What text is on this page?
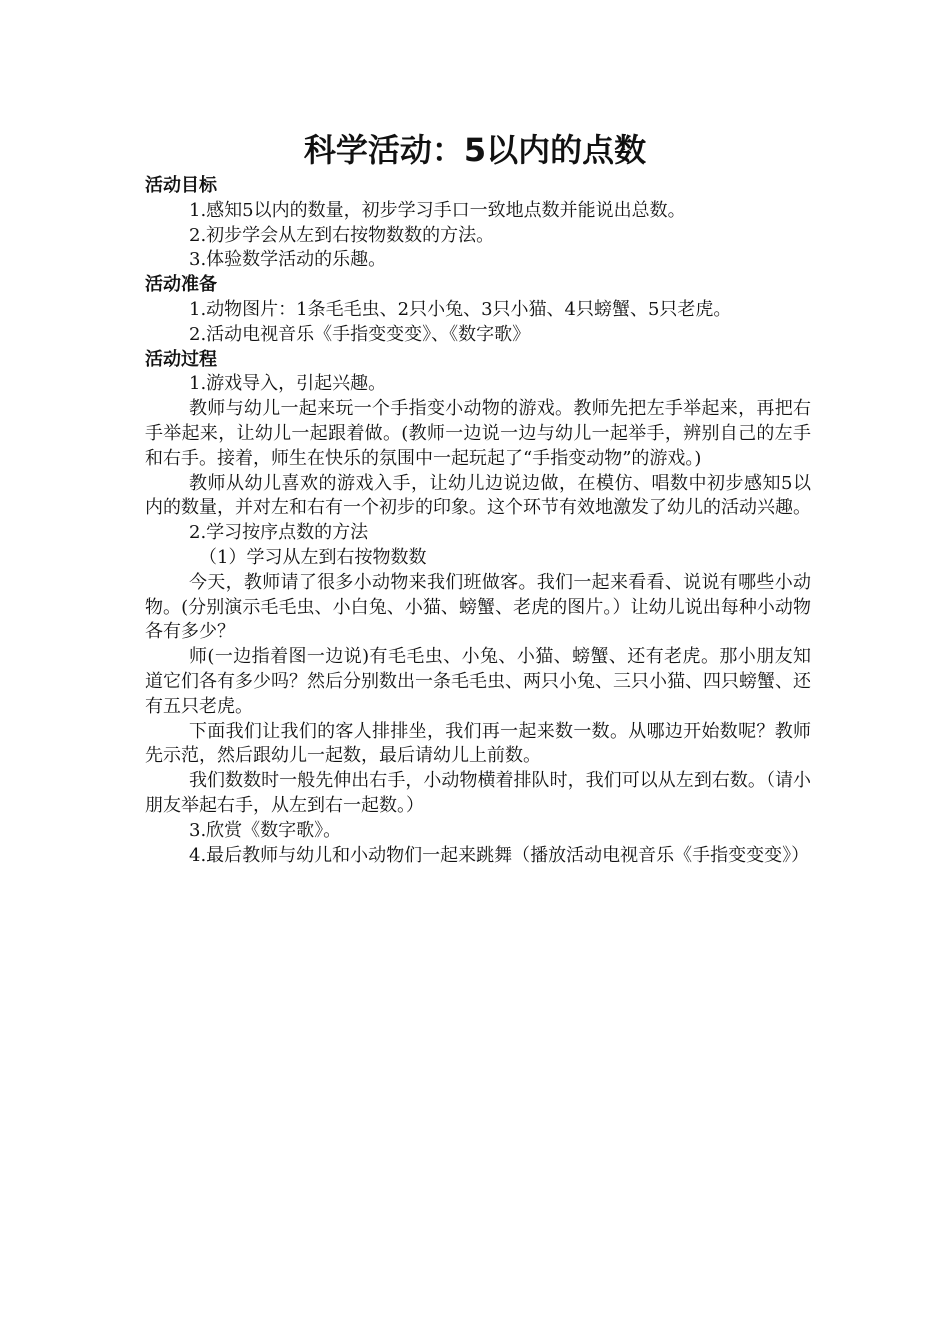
科学活动：5以内的点数

活动目标

1.感知5以内的数量，初步学习手口一致地点数并能说出总数。

2.初步学会从左到右按物数数的方法。

3.体验数学活动的乐趣。

活动准备

1.动物图片：1条毛毛虫、2只小兔、3只小猫、4只螃蟹、5只老虎。

2.活动电视音乐《手指变变变》、《数字歌》

活动过程

1.游戏导入，引起兴趣。

教师与幼儿一起来玩一个手指变小动物的游戏。教师先把左手举起来，再把右手举起来，让幼儿一起跟着做。(教师一边说一边与幼儿一起举手，辨别自己的左手和右手。接着，师生在快乐的氛围中一起玩起了“手指变动物”的游戏。)

教师从幼儿喜欢的游戏入手，让幼儿边说边做，在模仿、唱数中初步感知5以内的数量，并对左和右有一个初步的印象。这个环节有效地激发了幼儿的活动兴趣。

2.学习按序点数的方法

（1）学习从左到右按物数数

今天，教师请了很多小动物来我们班做客。我们一起来看看、说说有哪些小动物。(分别演示毛毛虫、小白兔、小猫、螃蟹、老虎的图片。）让幼儿说出每种小动物各有多少？

师(一边指着图一边说)有毛毛虫、小兔、小猫、螃蟹、还有老虎。那小朋友知道它们各有多少吗？然后分别数出一条毛毛虫、两只小兔、三只小猫、四只螃蟹、还有五只老虎。

下面我们让我们的客人排排坐，我们再一起来数一数。从哪边开始数呢？教师先示范，然后跟幼儿一起数，最后请幼儿上前数。

我们数数时一般先伸出右手，小动物横着排队时，我们可以从左到右数。（请小朋友举起右手，从左到右一起数。）

3.欣赏《数字歌》。

4.最后教师与幼儿和小动物们一起来跳舞（播放活动电视音乐《手指变变变》）
